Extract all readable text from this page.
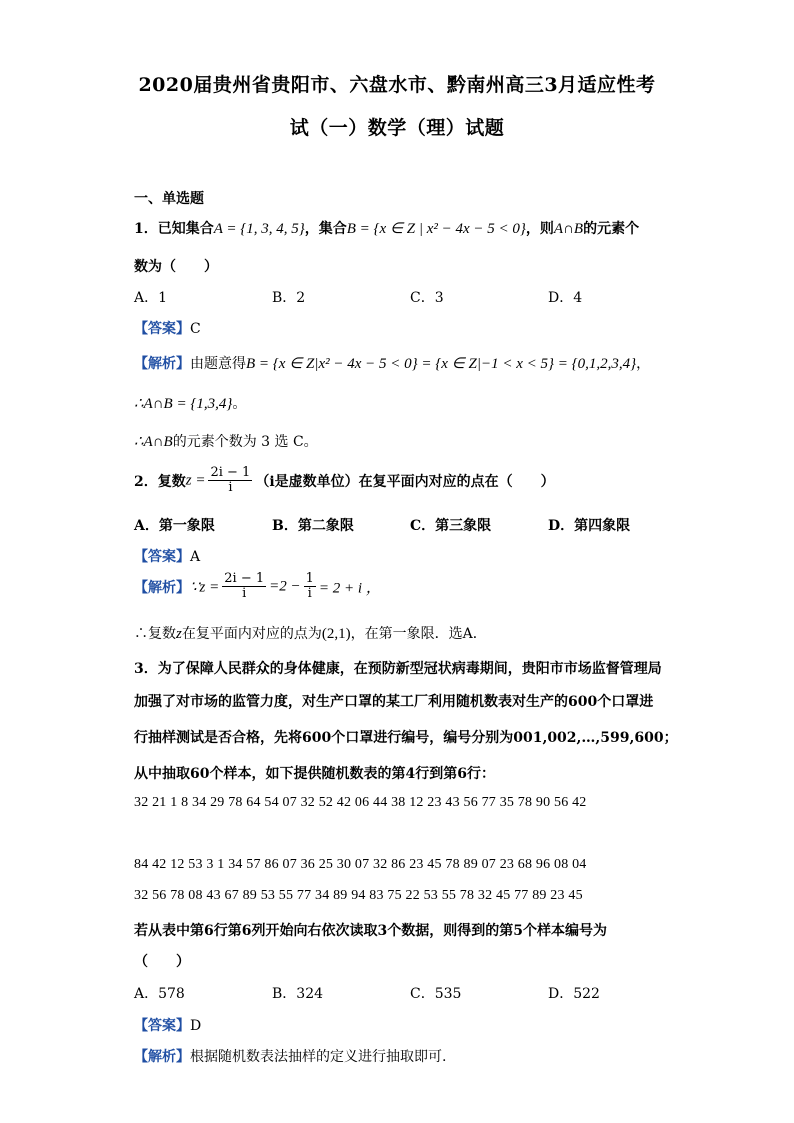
2020届贵州省贵阳市、六盘水市、黔南州高三3月适应性考
试（一）数学（理）试题
一、单选题
1．已知集合A = {1, 3, 4, 5}，集合B = {x ∈ Z | x² − 4x − 5 < 0}，则A∩B的元素个
数为（　　）
A．1	B．2	C．3	D．4
【答案】C
【解析】由题意得B = {x ∈ Z|x² − 4x − 5 < 0} = {x ∈ Z|−1 < x < 5} = {0,1,2,3,4}，
∴A∩B = {1,3,4}。
∴A∩B的元素个数为 3 选 C。
2．复数$z = \frac{2i - 1}{i} (i$是虚数单位）在复平面内对应的点在（　　）
A．第一象限	B．第二象限	C．第三象限	D．第四象限
【答案】A
【解析】∵z = $\frac{2i - 1}{i} =2 - \frac{1}{i} = 2 + i$ ，
∴复数z在复平面内对应的点为(2,1)，在第一象限．选A．
3．为了保障人民群众的身体健康，在预防新型冠状病毒期间，贵阳市市场监督管理局
加强了对市场的监管力度，对生产口罩的某工厂利用随机数表对生产的600个口罩进
行抽样测试是否合格，先将600个口罩进行编号，编号分别为001,002,…,599,600；
从中抽取60个样本，如下提供随机数表的第4行到第6行：
32 21 1 8 34 29 78 64 54 07 32 52 42 06 44 38 12 23 43 56 77 35 78 90 56 42
84 42 12 53 3 1 34 57 86 07 36 25 30 07 32 86 23 45 78 89 07 23 68 96 08 04
32 56 78 08 43 67 89 53 55 77 34 89 94 83 75 22 53 55 78 32 45 77 89 23 45
若从表中第6行第6列开始向右依次读取3个数据，则得到的第5个样本编号为
（　　）
A．578	B．324	C．535	D．522
【答案】D
【解析】根据随机数表法抽样的定义进行抽取即可.
